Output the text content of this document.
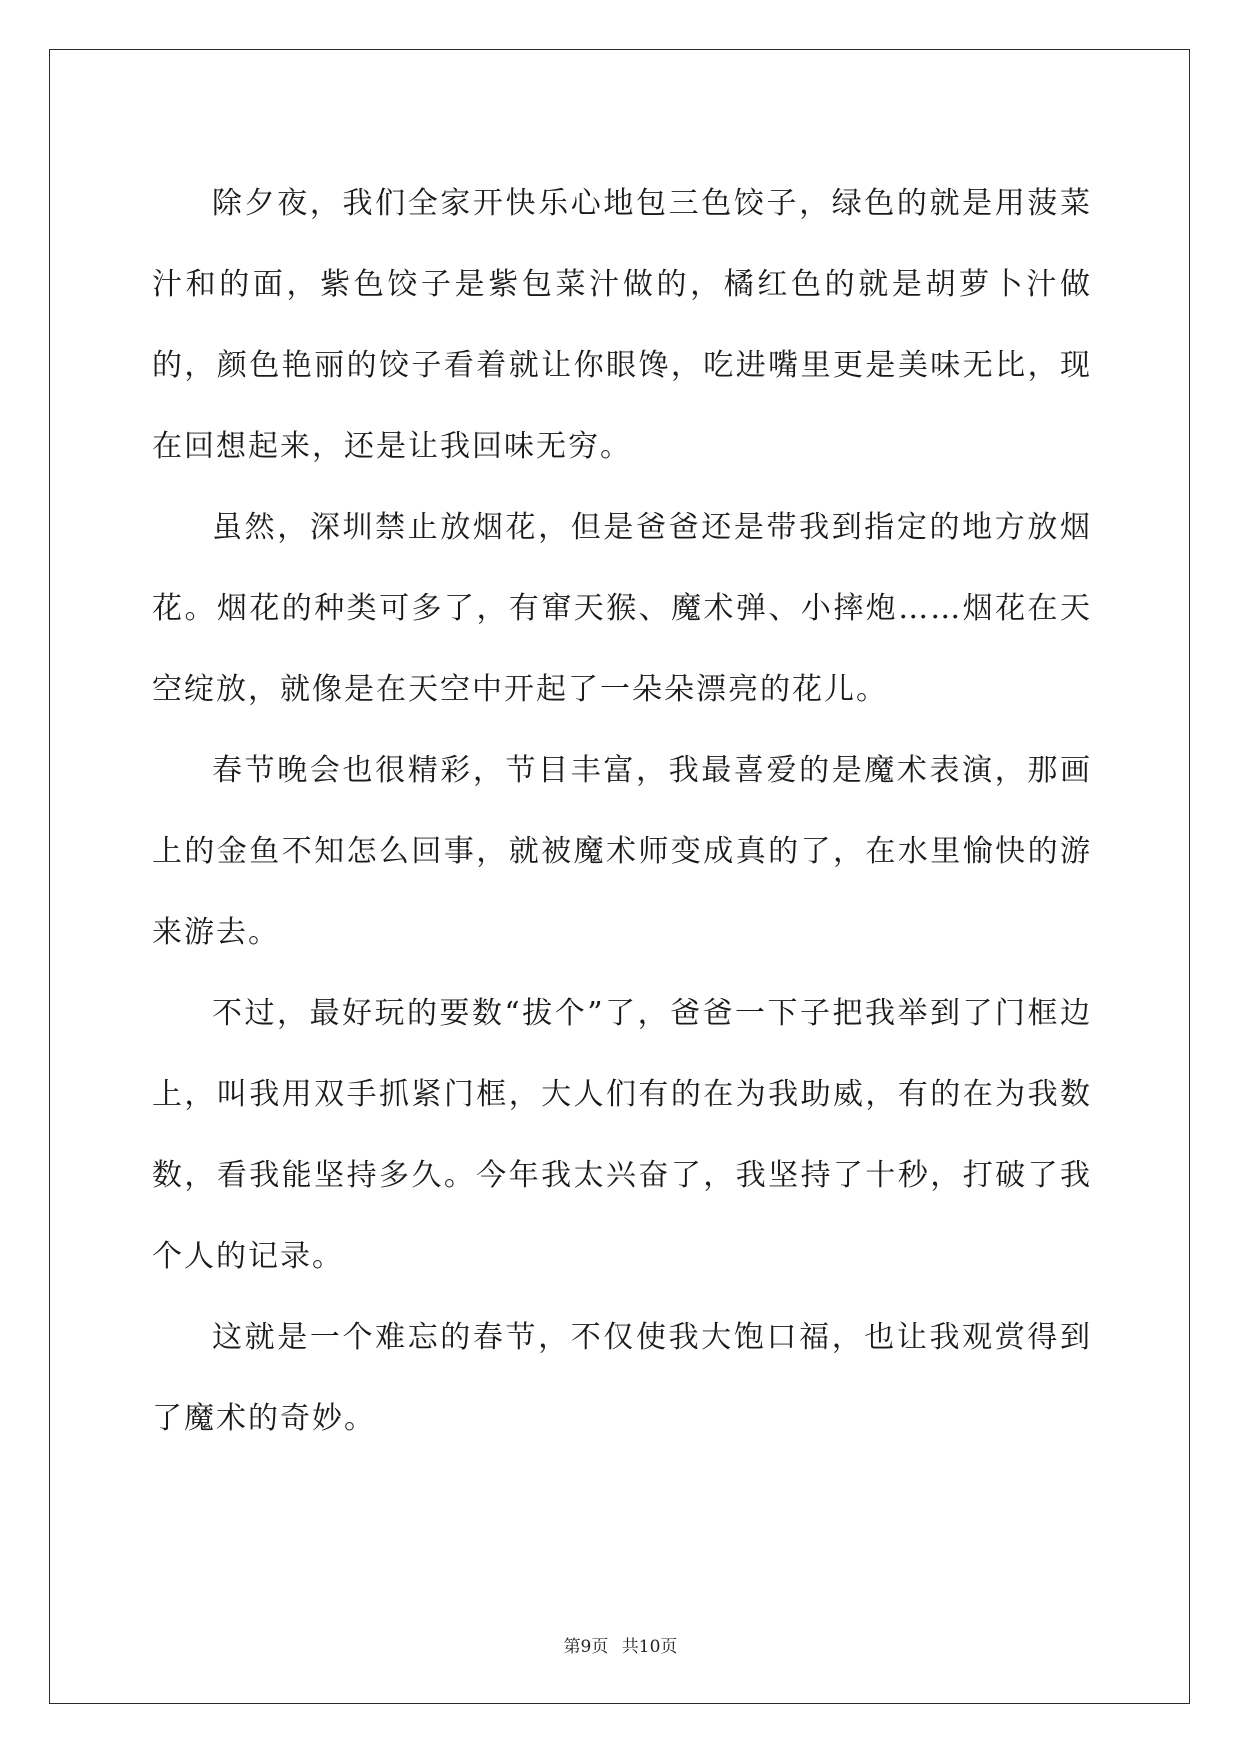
除夕夜，我们全家开快乐心地包三色饺子，绿色的就是用菠菜汁和的面，紫色饺子是紫包菜汁做的，橘红色的就是胡萝卜汁做的，颜色艳丽的饺子看着就让你眼馋，吃进嘴里更是美味无比，现在回想起来，还是让我回味无穷。

虽然，深圳禁止放烟花，但是爸爸还是带我到指定的地方放烟花。烟花的种类可多了，有窜天猴、魔术弹、小摔炮……烟花在天空绽放，就像是在天空中开起了一朵朵漂亮的花儿。

春节晚会也很精彩，节目丰富，我最喜爱的是魔术表演，那画上的金鱼不知怎么回事，就被魔术师变成真的了，在水里愉快的游来游去。

不过，最好玩的要数“拔个”了，爸爸一下子把我举到了门框边上，叫我用双手抓紧门框，大人们有的在为我助威，有的在为我数数，看我能坚持多久。今年我太兴奋了，我坚持了十秒，打破了我个人的记录。

这就是一个难忘的春节，不仅使我大饱口福，也让我观赏得到了魔术的奇妙。

第9页 共10页
